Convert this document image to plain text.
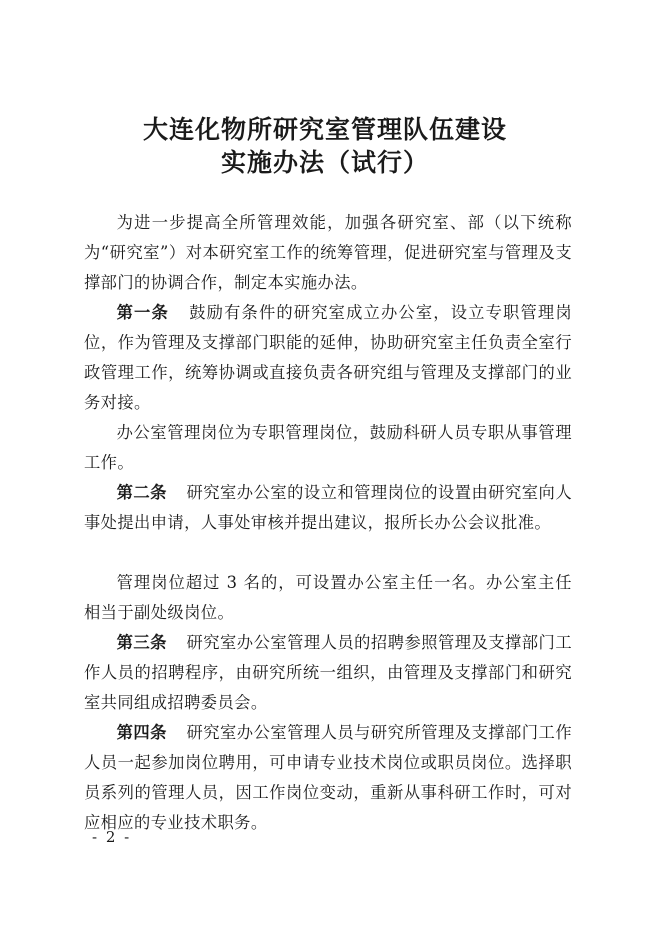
大连化物所研究室管理队伍建设
实施办法（试行）
为进一步提高全所管理效能，加强各研究室、部（以下统称为“研究室”）对本研究室工作的统筹管理，促进研究室与管理及支撑部门的协调合作，制定本实施办法。
第一条 鼓励有条件的研究室成立办公室，设立专职管理岗位，作为管理及支撑部门职能的延伸，协助研究室主任负责全室行政管理工作，统筹协调或直接负责各研究组与管理及支撑部门的业务对接。
办公室管理岗位为专职管理岗位，鼓励科研人员专职从事管理工作。
第二条 研究室办公室的设立和管理岗位的设置由研究室向人事处提出申请，人事处审核并提出建议，报所长办公会议批准。
管理岗位超过 3 名的，可设置办公室主任一名。办公室主任相当于副处级岗位。
第三条 研究室办公室管理人员的招聘参照管理及支撑部门工作人员的招聘程序，由研究所统一组织，由管理及支撑部门和研究室共同组成招聘委员会。
第四条 研究室办公室管理人员与研究所管理及支撑部门工作人员一起参加岗位聘用，可申请专业技术岗位或职员岗位。选择职员系列的管理人员，因工作岗位变动，重新从事科研工作时，可对应相应的专业技术职务。
- 2 -
